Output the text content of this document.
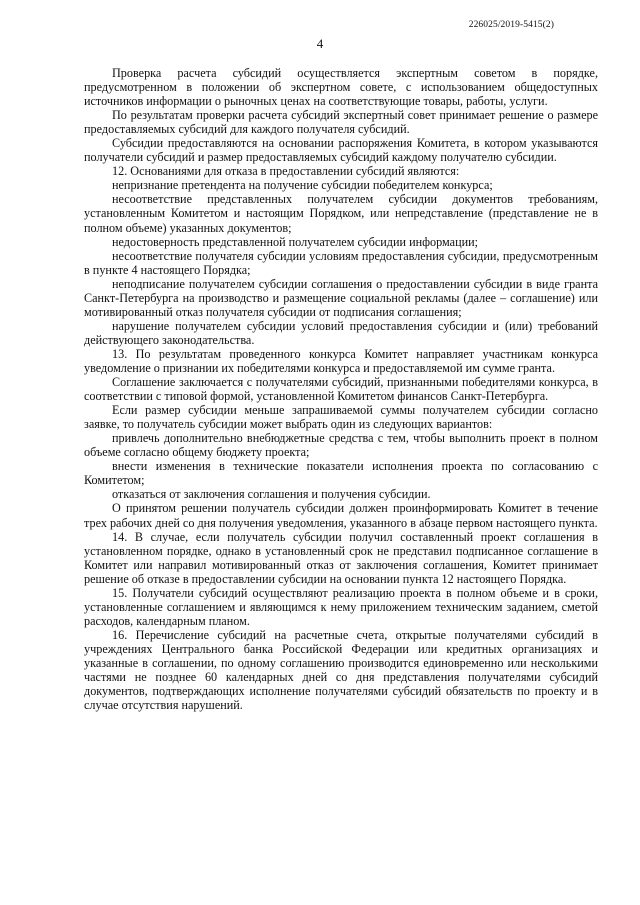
226025/2019-5415(2)
4

Проверка расчета субсидий осуществляется экспертным советом в порядке, предусмотренном в положении об экспертном совете, с использованием общедоступных источников информации о рыночных ценах на соответствующие товары, работы, услуги.

По результатам проверки расчета субсидий экспертный совет принимает решение о размере предоставляемых субсидий для каждого получателя субсидий.

Субсидии предоставляются на основании распоряжения Комитета, в котором указываются получатели субсидий и размер предоставляемых субсидий каждому получателю субсидии.

12. Основаниями для отказа в предоставлении субсидий являются:

непризнание претендента на получение субсидии победителем конкурса;

несоответствие представленных получателем субсидии документов требованиям, установленным Комитетом и настоящим Порядком, или непредставление (представление не в полном объеме) указанных документов;

недостоверность представленной получателем субсидии информации;

несоответствие получателя субсидии условиям предоставления субсидии, предусмотренным в пункте 4 настоящего Порядка;

неподписание получателем субсидии соглашения о предоставлении субсидии в виде гранта Санкт-Петербурга на производство и размещение социальной рекламы (далее – соглашение) или мотивированный отказ получателя субсидии от подписания соглашения;

нарушение получателем субсидии условий предоставления субсидии и (или) требований действующего законодательства.

13. По результатам проведенного конкурса Комитет направляет участникам конкурса уведомление о признании их победителями конкурса и предоставляемой им сумме гранта.

Соглашение заключается с получателями субсидий, признанными победителями конкурса, в соответствии с типовой формой, установленной Комитетом финансов Санкт-Петербурга.

Если размер субсидии меньше запрашиваемой суммы получателем субсидии согласно заявке, то получатель субсидии может выбрать один из следующих вариантов:

привлечь дополнительно внебюджетные средства с тем, чтобы выполнить проект в полном объеме согласно общему бюджету проекта;

внести изменения в технические показатели исполнения проекта по согласованию с Комитетом;

отказаться от заключения соглашения и получения субсидии.

О принятом решении получатель субсидии должен проинформировать Комитет в течение трех рабочих дней со дня получения уведомления, указанного в абзаце первом настоящего пункта.

14. В случае, если получатель субсидии получил составленный проект соглашения в установленном порядке, однако в установленный срок не представил подписанное соглашение в Комитет или направил мотивированный отказ от заключения соглашения, Комитет принимает решение об отказе в предоставлении субсидии на основании пункта 12 настоящего Порядка.

15. Получатели субсидий осуществляют реализацию проекта в полном объеме и в сроки, установленные соглашением и являющимся к нему приложением техническим заданием, сметой расходов, календарным планом.

16. Перечисление субсидий на расчетные счета, открытые получателями субсидий в учреждениях Центрального банка Российской Федерации или кредитных организациях и указанные в соглашении, по одному соглашению производится единовременно или несколькими частями не позднее 60 календарных дней со дня представления получателями субсидий документов, подтверждающих исполнение получателями субсидий обязательств по проекту и в случае отсутствия нарушений.
